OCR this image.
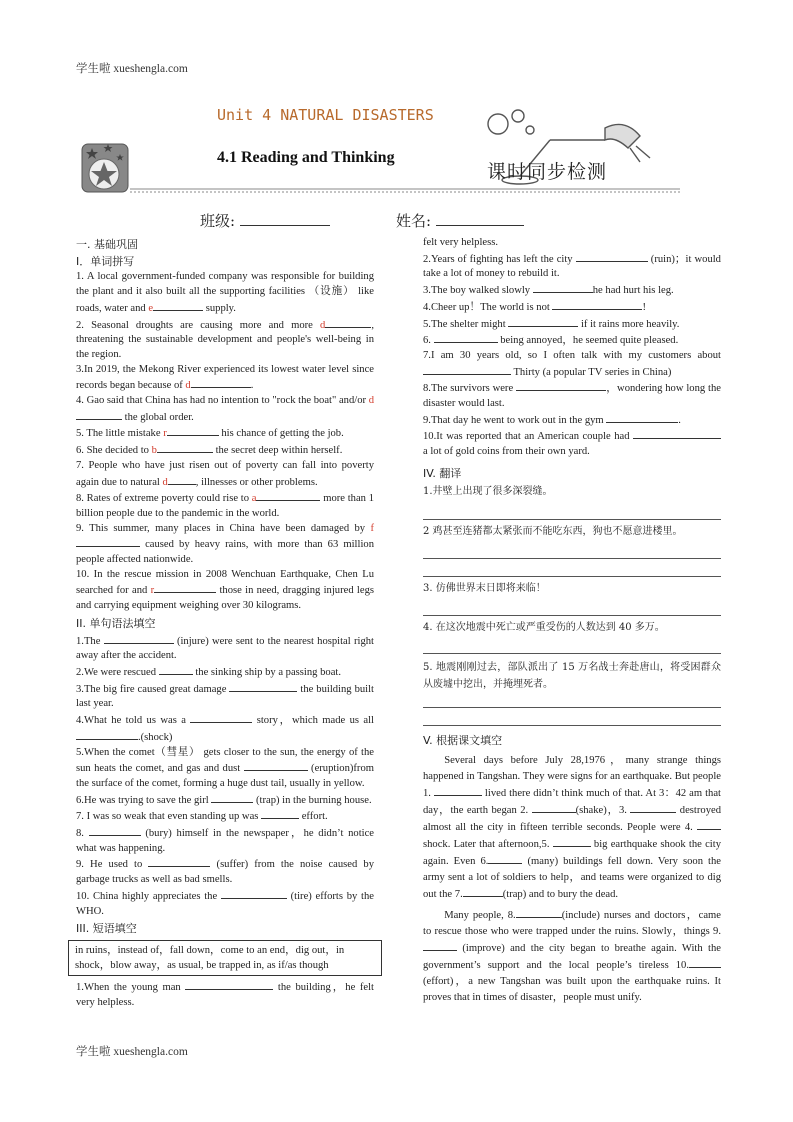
学生啦 xueshengla.com
学生啦 xueshengla.com
Unit 4 NATURAL DISASTERS
4.1 Reading and Thinking
课时同步检测
班级:	姓名:
一. 基础巩固
I．单词拼写

1. A local government-funded company was responsible for building the plant and it also built all the supporting facilities （设施） like roads, water and e	supply.

2. Seasonal droughts are causing more and more d	, threatening the sustainable development and people's well-being in the region.

3.In 2019, the Mekong River experienced its lowest water level since records began because of d	.

4. Gao said that China has had no intention to "rock the boat" and/or d the global order.

5. The little mistake r	his chance of getting the job.

6. She decided to b	the secret deep within herself.

7. People who have just risen out of poverty can fall into poverty again due to natural d	, illnesses or other problems.

8. Rates of extreme poverty could rise to a	more than 1 billion people due to the pandemic in the world.

9. This summer, many places in China have been damaged by f caused by heavy rains, with more than 63 million people affected nationwide.

10. In the rescue mission in 2008 Wenchuan Earthquake, Chen Lu searched for and r	those in need, dragging injured legs and carrying equipment weighing over 30 kilograms.

II. 单句语法填空

1.The	(injure) were sent to the nearest hospital right away after the accident.

2.We were rescued	the sinking ship by a passing boat.

3.The big fire caused great damage	the building built last year.

4.What he told us was a	story，which made us all .(shock)

5.When the comet（彗星） gets closer to the sun, the energy of the sun heats the comet, and gas and dust	(eruption)from the surface of the comet, forming a huge dust tail, usually in yellow.

6.He was trying to save the girl	(trap) in the burning house.

7. I was so weak that even standing up was	effort.

8.	(bury) himself in the newspaper，he didn’t notice what was happening.

9. He used to	(suffer) from the noise caused by garbage trucks as well as bad smells.

10. China highly appreciates the	(tire) efforts by the WHO.

III. 短语填空
in ruins，instead of，fall down，come to an end，dig out，in shock，blow away，as usual, be trapped in, as if/as though

1.When the young man	the building，he felt very helpless.

felt very helpless.

2.Years of fighting has left the city	(ruin)；it would take a lot of money to rebuild it.

3.The boy walked slowly	he had hurt his leg.

4.Cheer up！The world is not	!

5.The shelter might	if it rains more heavily.

6.	being annoyed，he seemed quite pleased.

7.I am 30 years old, so I often talk with my customers about  Thirty (a popular TV series in China)

8.The survivors were	，wondering how long the disaster would last.

9.That day he went to work out in the gym	.

10.It was reported that an American couple had  a lot of gold coins from their own yard.

IV. 翻译
1.井壁上出现了很多深裂缝。
2 鸡甚至连猪都太紧张而不能吃东西，狗也不愿意进楼里。
3. 仿佛世界末日即将来临！
4. 在这次地震中死亡或严重受伤的人数达到 40 多万。
5. 地震刚刚过去，部队派出了 15 万名战士奔赴唐山，将受困群众从废墟中挖出，并掩埋死者。
V. 根据课文填空

Several days before July 28,1976，many strange things happened in Tangshan. They were signs for an earthquake. But people 1.	lived there didn’t think much of that. At 3：42 am that day，the earth began 2.	(shake)，3.	destroyed almost all the city in fifteen terrible seconds. People were 4.  shock. Later that afternoon,5.	big earthquake shook the city again. Even 6.	(many) buildings fell down. Very soon the army sent a lot of soldiers to help，and teams were organized to dig out the 7.	(trap) and to bury the dead.

Many people, 8.	(include) nurses and doctors，came to rescue those who were trapped under the ruins. Slowly，things 9.  (improve) and the city began to breathe again. With the government’s support and the local people’s tireless 10.(effort)，a new Tangshan was built upon the earthquake ruins. It proves that in times of disaster，people must unify.
